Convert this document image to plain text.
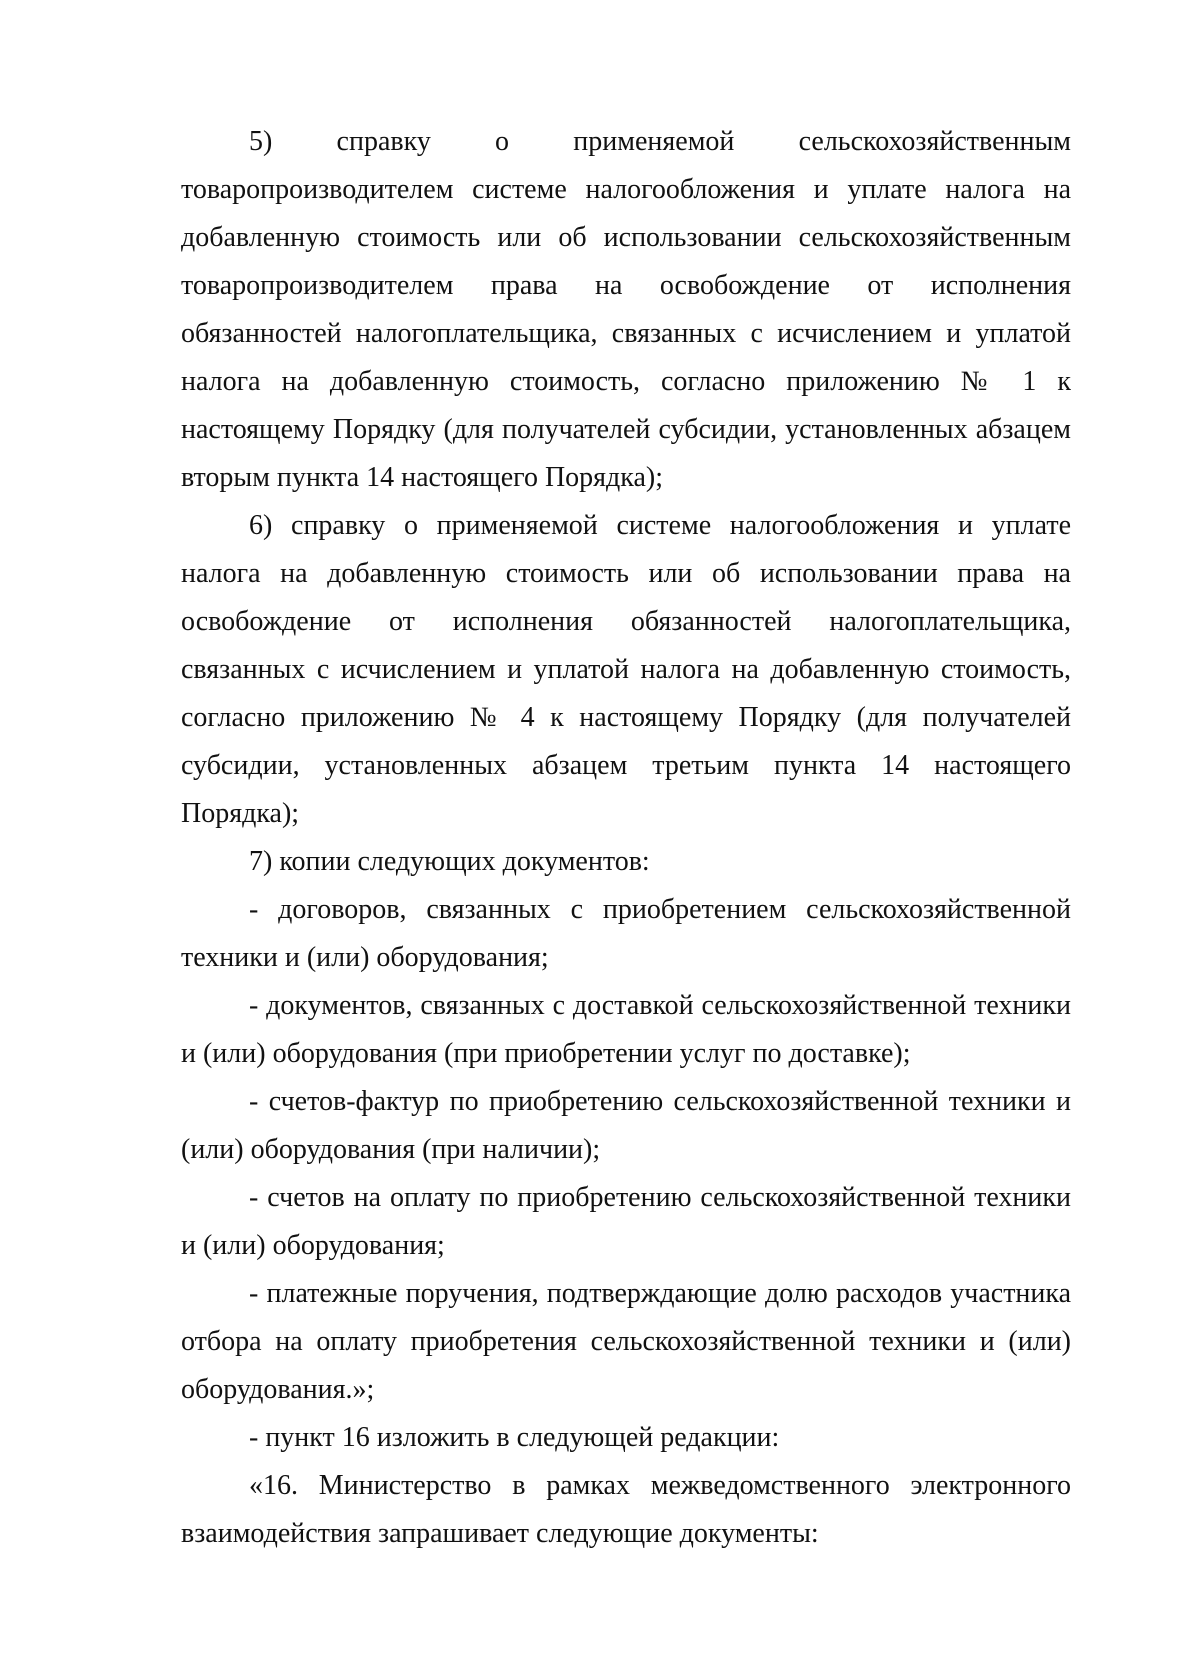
5) справку о применяемой сельскохозяйственным товаропроизводителем системе налогообложения и уплате налога на добавленную стоимость или об использовании сельскохозяйственным товаропроизводителем права на освобождение от исполнения обязанностей налогоплательщика, связанных с исчислением и уплатой налога на добавленную стоимость, согласно приложению № 1 к настоящему Порядку (для получателей субсидии, установленных абзацем вторым пункта 14 настоящего Порядка);

6) справку о применяемой системе налогообложения и уплате налога на добавленную стоимость или об использовании права на освобождение от исполнения обязанностей налогоплательщика, связанных с исчислением и уплатой налога на добавленную стоимость, согласно приложению № 4 к настоящему Порядку (для получателей субсидии, установленных абзацем третьим пункта 14 настоящего Порядка);

7) копии следующих документов:

- договоров, связанных с приобретением сельскохозяйственной техники и (или) оборудования;

- документов, связанных с доставкой сельскохозяйственной техники и (или) оборудования (при приобретении услуг по доставке);

- счетов-фактур по приобретению сельскохозяйственной техники и (или) оборудования (при наличии);

- счетов на оплату по приобретению сельскохозяйственной техники и (или) оборудования;

- платежные поручения, подтверждающие долю расходов участника отбора на оплату приобретения сельскохозяйственной техники и (или) оборудования.»;

- пункт 16 изложить в следующей редакции:

«16. Министерство в рамках межведомственного электронного взаимодействия запрашивает следующие документы:
